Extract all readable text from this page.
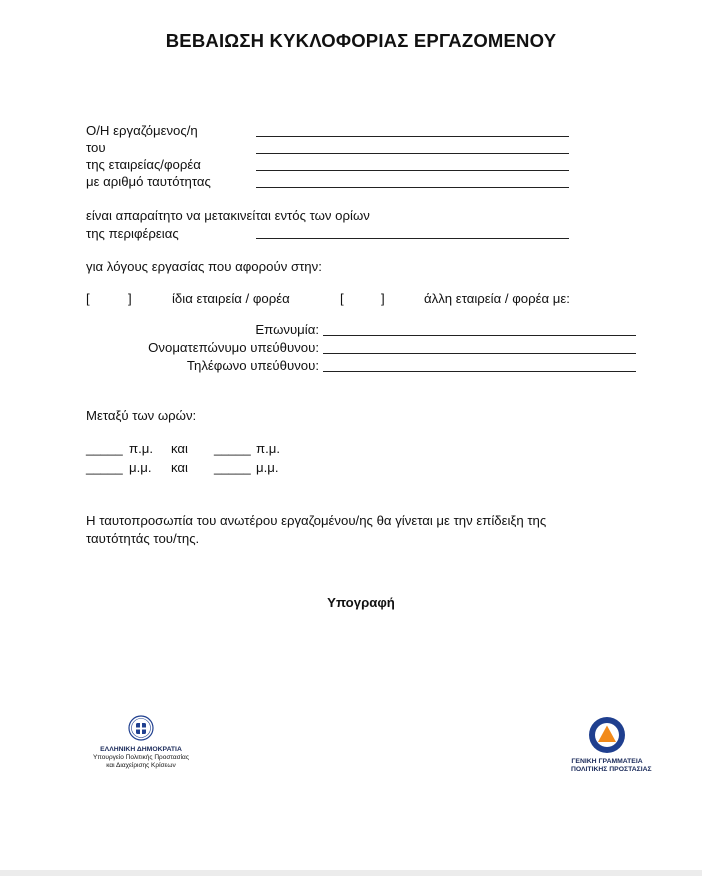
ΒΕΒΑΙΩΣΗ ΚΥΚΛΟΦΟΡΙΑΣ ΕΡΓΑΖΟΜΕΝΟΥ
Ο/Η εργαζόμενος/η
του
της εταιρείας/φορέα
με αριθμό ταυτότητας
είναι απαραίτητο να μετακινείται εντός των ορίων
της περιφέρειας
για λόγους εργασίας που αφορούν στην:
[	]	ίδια εταιρεία / φορέα	[	]	άλλη εταιρεία / φορέα με:
Επωνυμία:
Ονοματεπώνυμο υπεύθυνου:
Τηλέφωνο υπεύθυνου:
Μεταξύ των ωρών:
_____ π.μ. και _____ π.μ.
_____ μ.μ. και _____ μ.μ.
Η ταυτοπροσωπία του ανωτέρου εργαζομένου/ης θα γίνεται με την επίδειξη της
ταυτότητάς του/της.
Υπογραφή
ΕΛΛΗΝΙΚΗ ΔΗΜΟΚΡΑΤΙΑ
Υπουργείο Πολιτικής Προστασίας
και Διαχείρισης Κρίσεων
ΓΕΝΙΚΗ ΓΡΑΜΜΑΤΕΙΑ
ΠΟΛΙΤΙΚΗΣ ΠΡΟΣΤΑΣΙΑΣ
